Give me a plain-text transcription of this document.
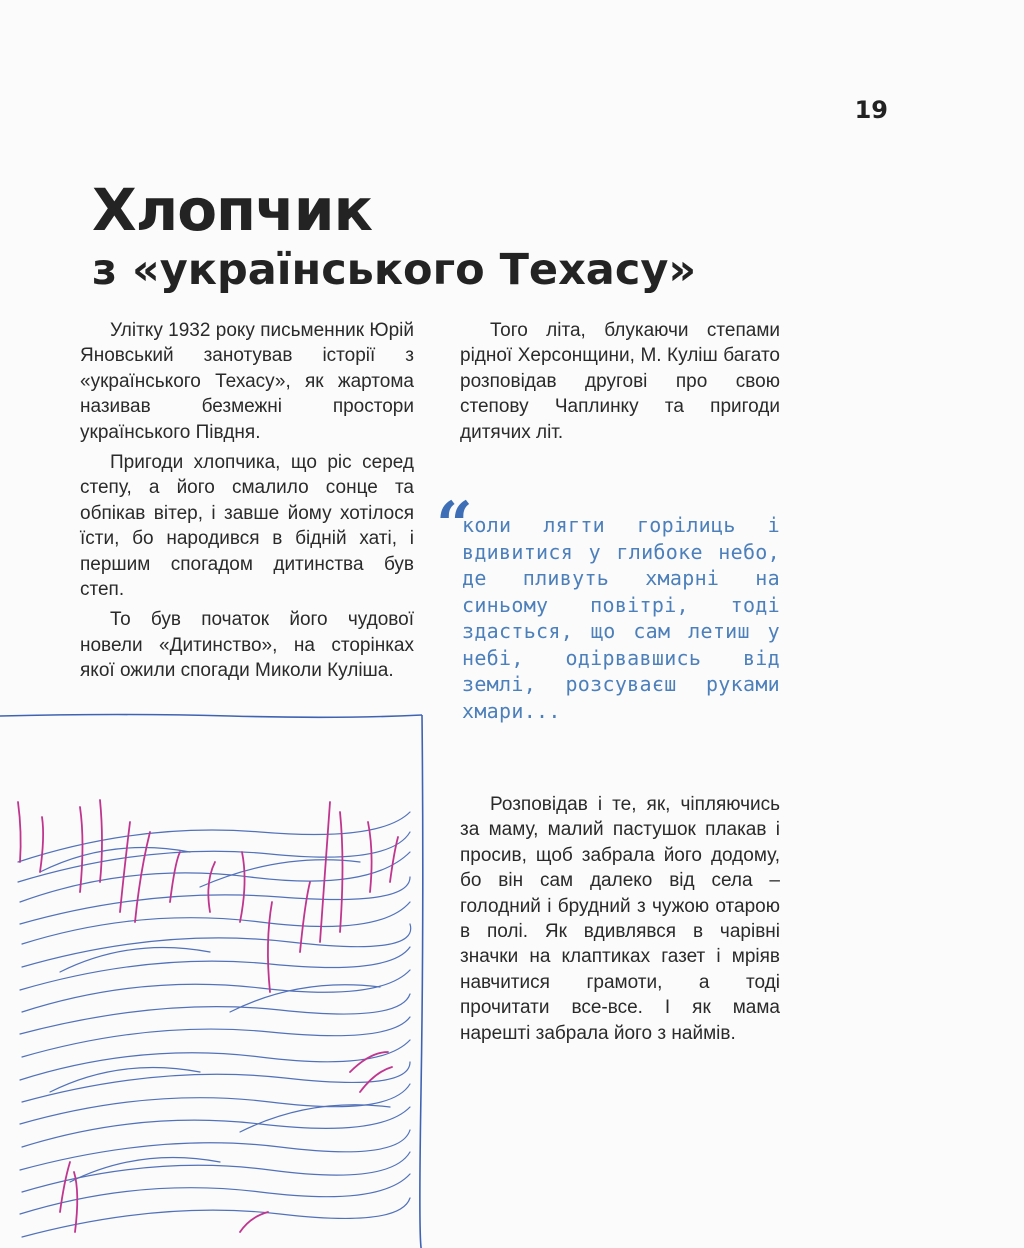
19
Хлопчик
з «українського Техасу»

Улітку 1932 року письменник Юрій Яновський занотував історії з «українського Техасу», як жартома називав безмежні простори українського Півдня.

Пригоди хлопчика, що ріс серед степу, а його смалило сонце та обпікав вітер, і завше йому хотілося їсти, бо народився в бідній хаті, і першим спогадом дитинства був степ.

То був початок його чудової новели «Дитинство», на сторінках якої ожили спогади Миколи Куліша.

Того літа, блукаючи степами рідної Херсонщини, М. Куліш багато розповідав другові про свою степову Чаплинку та пригоди дитячих літ.

“
коли лягти горілиць і вдивитися у глибоке небо, де пливуть хмарні на синьому повітрі, тоді здасться, що сам летиш у небі, одірвавшись від землі, розсуваєш руками хмари...

Розповідав і те, як, чіпляючись за маму, малий пастушок плакав і просив, щоб забрала його додому, бо він сам далеко від села – голодний і брудний з чужою отарою в полі. Як вдивлявся в чарівні значки на клаптиках газет і мріяв навчитися грамоти, а тоді прочитати все-все. І як мама нарешті забрала його з наймів.
